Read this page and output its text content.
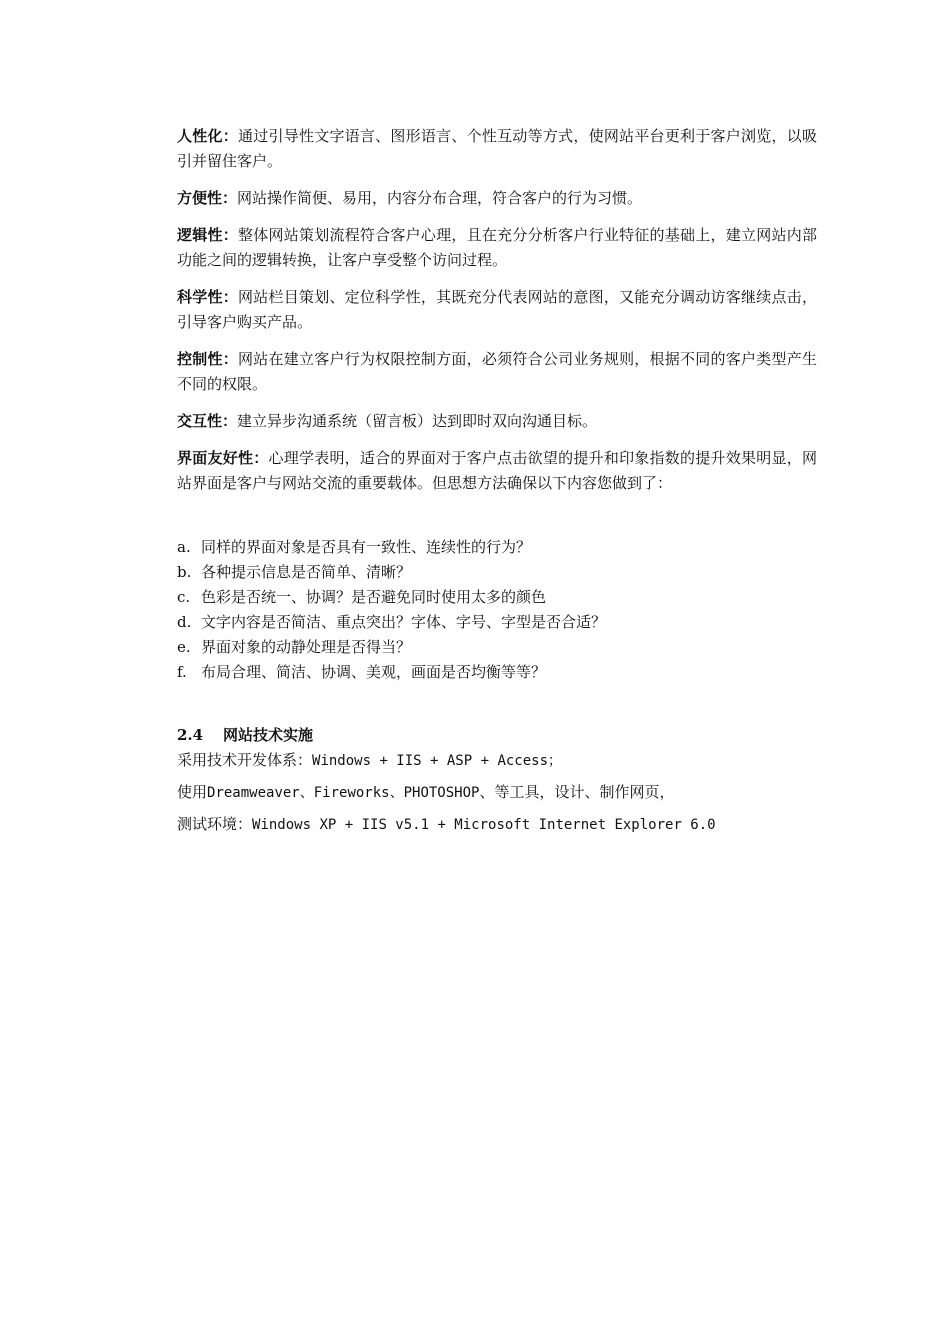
人性化：通过引导性文字语言、图形语言、个性互动等方式，使网站平台更利于客户浏览，以吸引并留住客户。

方便性：网站操作简便、易用，内容分布合理，符合客户的行为习惯。

逻辑性：整体网站策划流程符合客户心理，且在充分分析客户行业特征的基础上，建立网站内部功能之间的逻辑转换，让客户享受整个访问过程。

科学性：网站栏目策划、定位科学性，其既充分代表网站的意图，又能充分调动访客继续点击，引导客户购买产品。

控制性：网站在建立客户行为权限控制方面，必须符合公司业务规则，根据不同的客户类型产生不同的权限。

交互性：建立异步沟通系统（留言板）达到即时双向沟通目标。

界面友好性：心理学表明，适合的界面对于客户点击欲望的提升和印象指数的提升效果明显，网站界面是客户与网站交流的重要载体。但思想方法确保以下内容您做到了：

a. 同样的界面对象是否具有一致性、连续性的行为？
b. 各种提示信息是否简单、清晰？
c. 色彩是否统一、协调？是否避免同时使用太多的颜色
d. 文字内容是否简洁、重点突出？字体、字号、字型是否合适？
e. 界面对象的动静处理是否得当？
f. 布局合理、简洁、协调、美观，画面是否均衡等等？
2.4	网站技术实施
采用技术开发体系：Windows + IIS + ASP + Access；
使用Dreamweaver、Fireworks、PHOTOSHOP、等工具，设计、制作网页，
测试环境：Windows XP + IIS v5.1 + Microsoft Internet Explorer 6.0
